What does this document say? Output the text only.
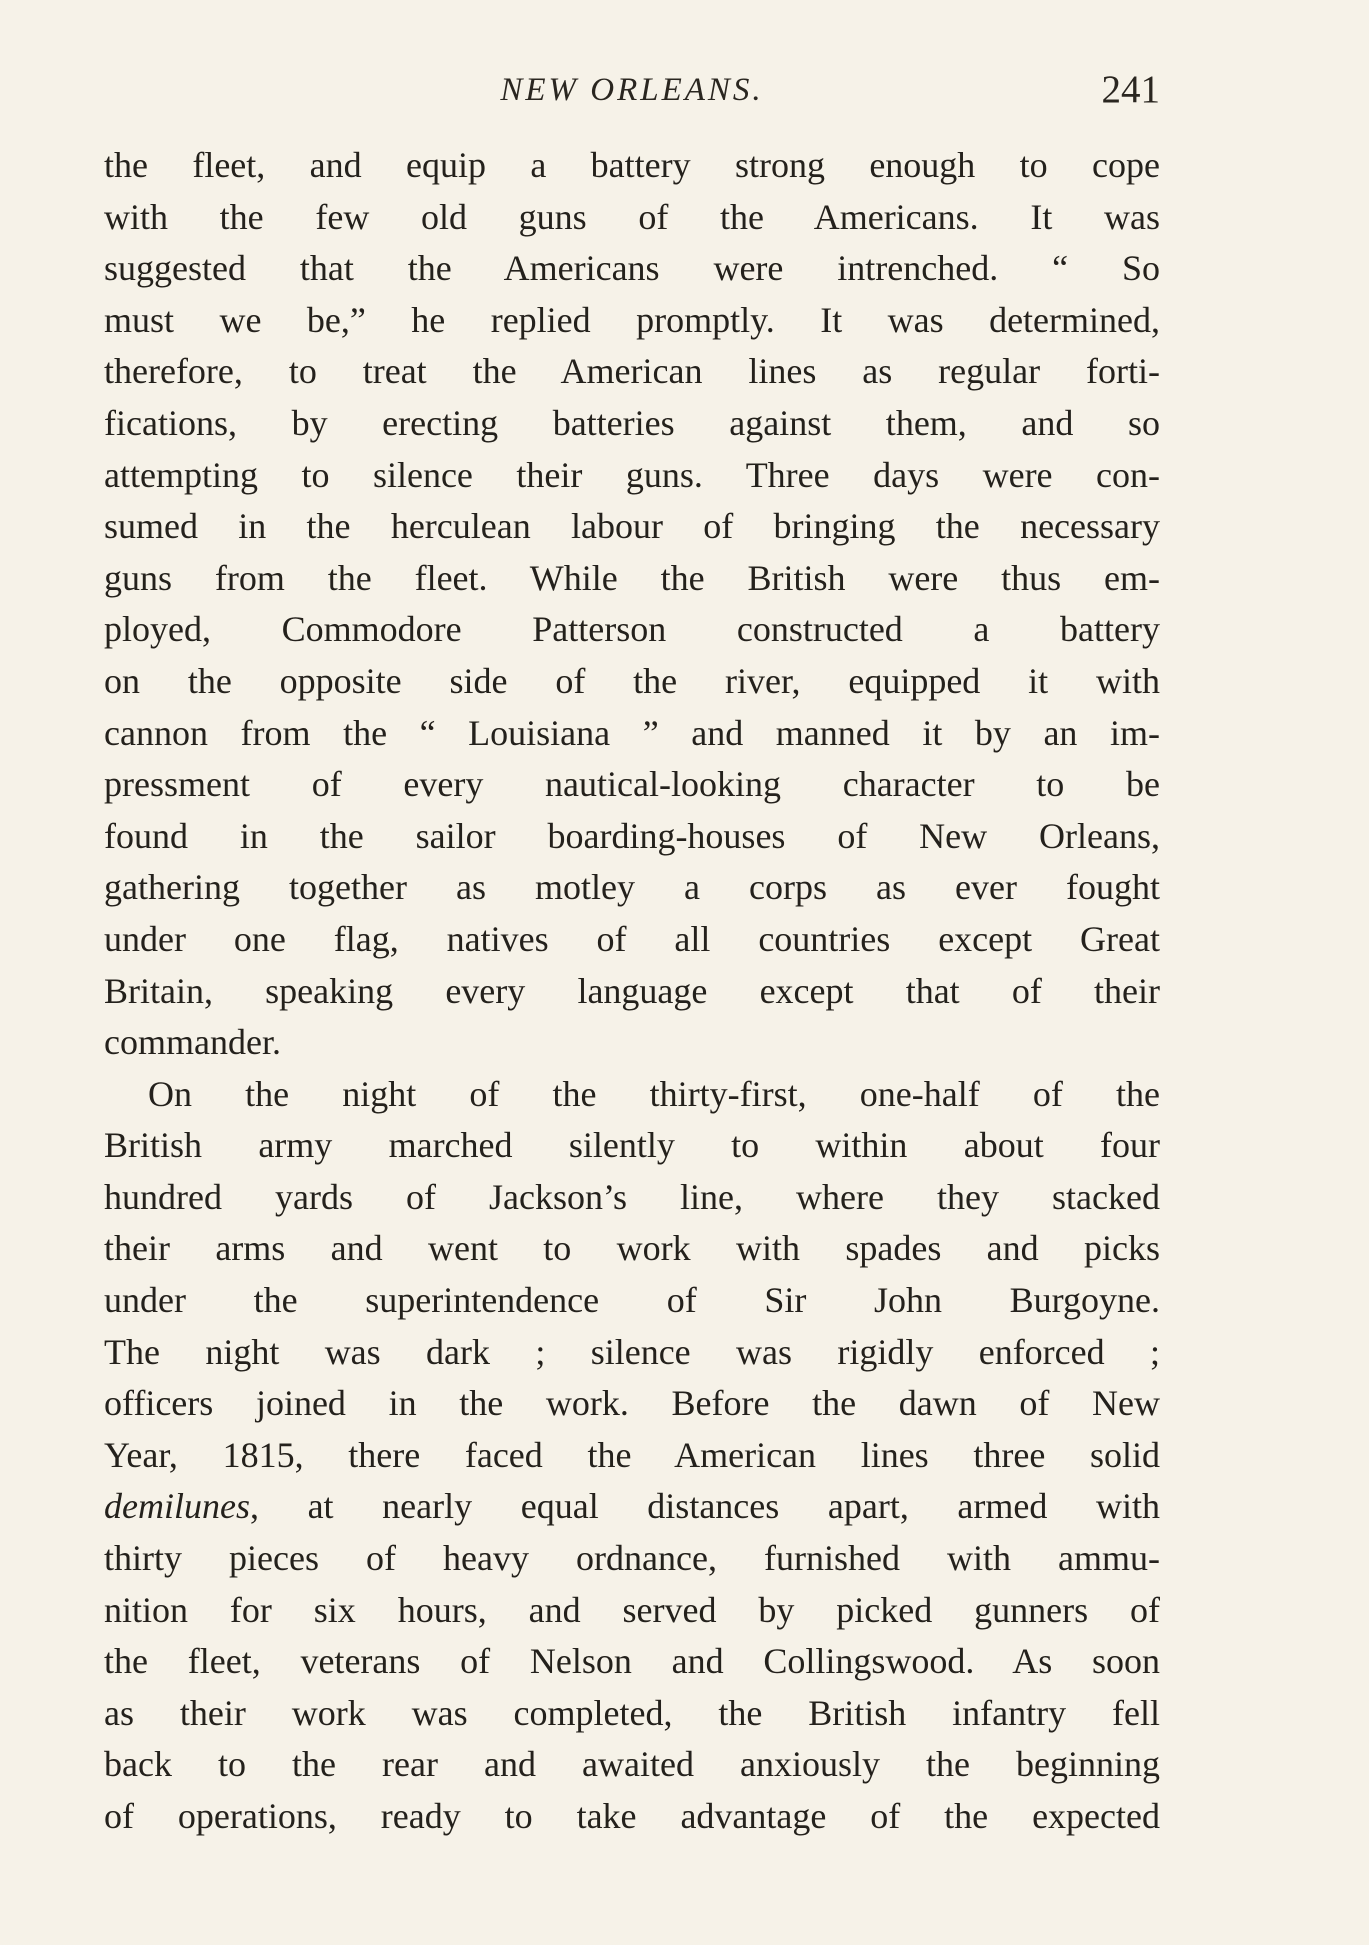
NEW ORLEANS.	241
the fleet, and equip a battery strong enough to cope
with the few old guns of the Americans. It was
suggested that the Americans were intrenched. “ So
must we be,” he replied promptly. It was determined,
therefore, to treat the American lines as regular forti-
fications, by erecting batteries against them, and so
attempting to silence their guns. Three days were con-
sumed in the herculean labour of bringing the necessary
guns from the fleet. While the British were thus em-
ployed, Commodore Patterson constructed a battery
on the opposite side of the river, equipped it with
cannon from the “ Louisiana ” and manned it by an im-
pressment of every nautical-looking character to be
found in the sailor boarding-houses of New Orleans,
gathering together as motley a corps as ever fought
under one flag, natives of all countries except Great
Britain, speaking every language except that of their
commander.
On the night of the thirty-first, one-half of the
British army marched silently to within about four
hundred yards of Jackson’s line, where they stacked
their arms and went to work with spades and picks
under the superintendence of Sir John Burgoyne.
The night was dark ; silence was rigidly enforced ;
officers joined in the work. Before the dawn of New
Year, 1815, there faced the American lines three solid
demilunes, at nearly equal distances apart, armed with
thirty pieces of heavy ordnance, furnished with ammu-
nition for six hours, and served by picked gunners of
the fleet, veterans of Nelson and Collingswood. As soon
as their work was completed, the British infantry fell
back to the rear and awaited anxiously the beginning
of operations, ready to take advantage of the expected
